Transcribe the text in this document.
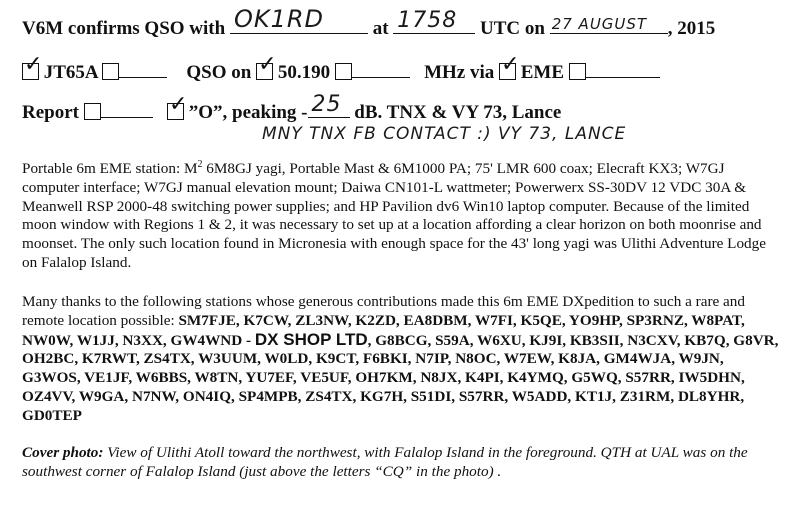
V6M confirms QSO with OK1RD	at 1758 UTC on 27 AUGUST , 2015
✓ JT65A	QSO on ✓ 50.190	MHz via ✓ EME
Report ✓	”O”, peaking - 25 dB. TNX & VY 73, Lance
MNY TNX FB CONTACT :) VY 73, LANCE
Portable 6m EME station: $M^2$ 6M8GJ yagi, Portable Mast & 6M1000 PA; 75' LMR 600 coax; Elecraft KX3; W7GJ computer interface; W7GJ manual elevation mount; Daiwa CN101-L wattmeter; Powerwerx SS-30DV 12 VDC 30A & Meanwell RSP 2000-48 switching power supplies; and HP Pavilion dv6 Win10 laptop computer. Because of the limited moon window with Regions 1 & 2, it was necessary to set up at a location affording a clear horizon on both moonrise and moonset. The only such location found in Micronesia with enough space for the 43' long yagi was Ulithi Adventure Lodge on Falalop Island.
Many thanks to the following stations whose generous contributions made this 6m EME DXpedition to such a rare and remote location possible: SM7FJE, K7CW, ZL3NW, K2ZD, EA8DBM, W7FI, K5QE, YO9HP, SP3RNZ, W8PAT, NW0W, W1JJ, N3XX, GW4WND - DX SHOP LTD, G8BCG, S59A, W6XU, KJ9I, KB3SII, N3CXV, KB7Q, G8VR, OH2BC, K7RWT, ZS4TX, W3UUM, W0LD, K9CT, F6BKI, N7IP, N8OC, W7EW, K8JA, GM4WJA, W9JN, G3WOS, VE1JF, W6BBS, W8TN, YU7EF, VE5UF, OH7KM, N8JX, K4PI, K4YMQ, G5WQ, S57RR, IW5DHN, OZ4VV, W9GA, N7NW, ON4IQ, SP4MPB, ZS4TX, KG7H, S51DI, S57RR, W5ADD, KT1J, Z31RM, DL8YHR, GD0TEP
Cover photo: View of Ulithi Atoll toward the northwest, with Falalop Island in the foreground. QTH at UAL was on the southwest corner of Falalop Island (just above the letters “CQ” in the photo) .
